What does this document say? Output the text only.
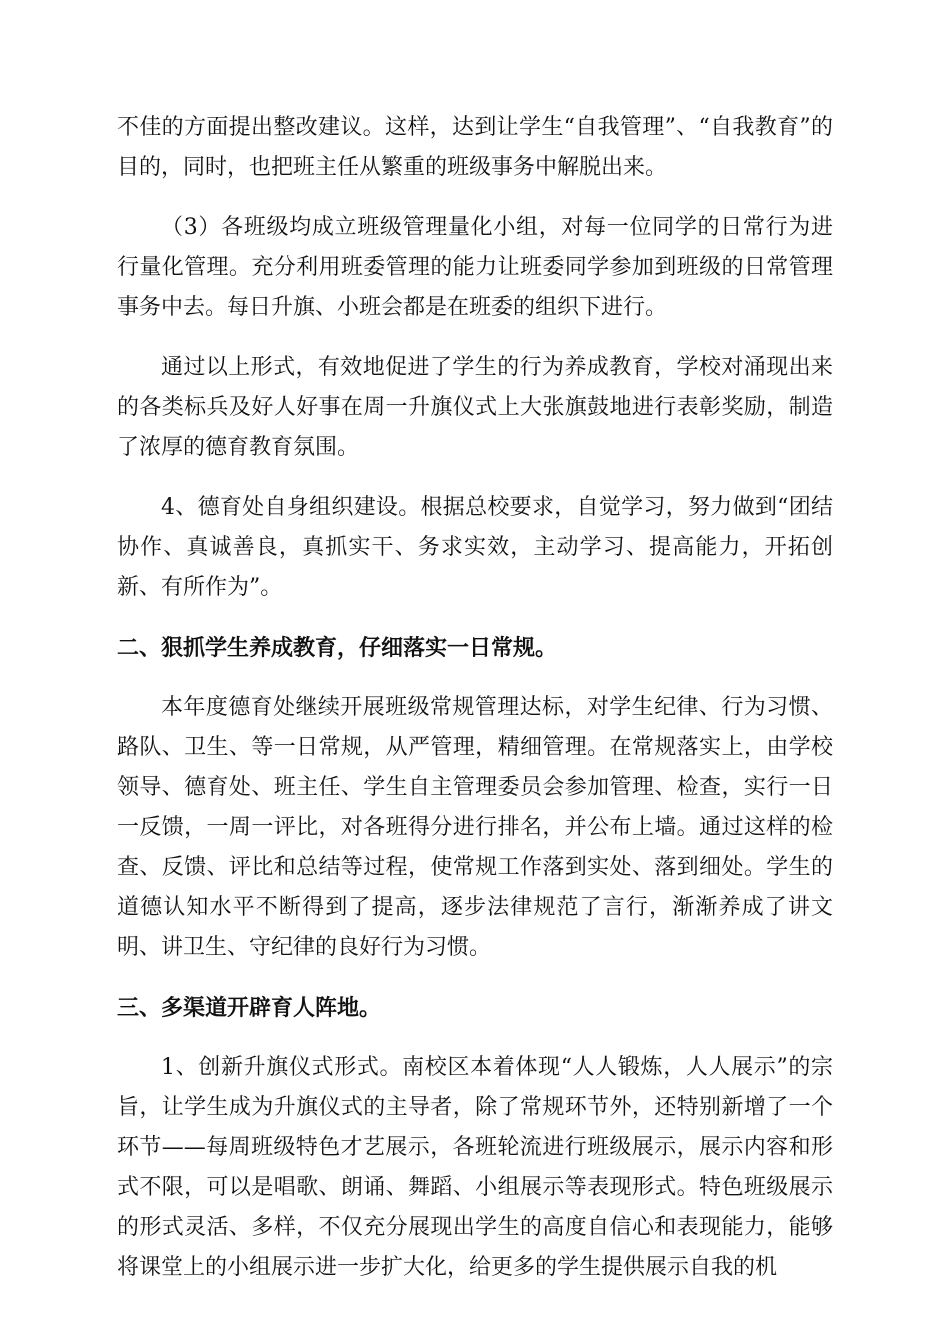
不佳的方面提出整改建议。这样，达到让学生“自我管理”、“自我教育”的目的，同时，也把班主任从繁重的班级事务中解脱出来。

（3）各班级均成立班级管理量化小组，对每一位同学的日常行为进行量化管理。充分利用班委管理的能力让班委同学参加到班级的日常管理事务中去。每日升旗、小班会都是在班委的组织下进行。

通过以上形式，有效地促进了学生的行为养成教育，学校对涌现出来的各类标兵及好人好事在周一升旗仪式上大张旗鼓地进行表彰奖励，制造了浓厚的德育教育氛围。

4、德育处自身组织建设。根据总校要求，自觉学习，努力做到“团结协作、真诚善良，真抓实干、务求实效，主动学习、提高能力，开拓创新、有所作为”。

二、狠抓学生养成教育，仔细落实一日常规。

本年度德育处继续开展班级常规管理达标，对学生纪律、行为习惯、路队、卫生、等一日常规，从严管理，精细管理。在常规落实上，由学校领导、德育处、班主任、学生自主管理委员会参加管理、检查，实行一日一反馈，一周一评比，对各班得分进行排名，并公布上墙。通过这样的检查、反馈、评比和总结等过程，使常规工作落到实处、落到细处。学生的道德认知水平不断得到了提高，逐步法律规范了言行，渐渐养成了讲文明、讲卫生、守纪律的良好行为习惯。

三、多渠道开辟育人阵地。

1、创新升旗仪式形式。南校区本着体现“人人锻炼，人人展示”的宗旨，让学生成为升旗仪式的主导者，除了常规环节外，还特别新增了一个环节——每周班级特色才艺展示，各班轮流进行班级展示，展示内容和形式不限，可以是唱歌、朗诵、舞蹈、小组展示等表现形式。特色班级展示的形式灵活、多样，不仅充分展现出学生的高度自信心和表现能力，能够将课堂上的小组展示进一步扩大化，给更多的学生提供展示自我的机
